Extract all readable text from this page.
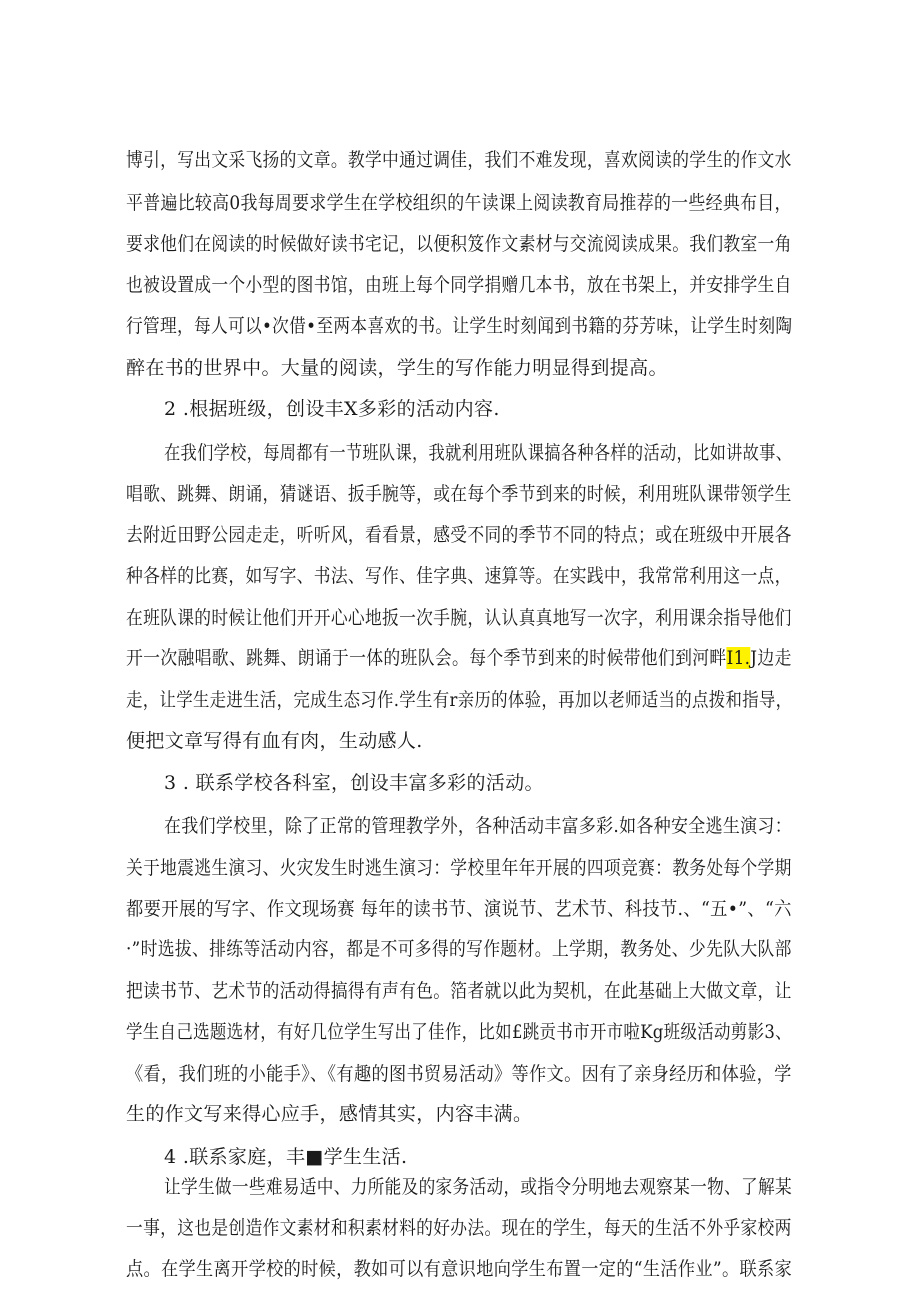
博引，写出文采飞扬的文章。教学中通过调佳，我们不难发现，喜欢阅读的学生的作文水
平普遍比较高0我每周要求学生在学校组织的午读课上阅读教育局推荐的一些经典布目，
要求他们在阅读的时候做好读书宅记，以便积笈作文素材与交流阅读成果。我们教室一角
也被设置成一个小型的图书馆，由班上每个同学捐赠几本书，放在书架上，并安排学生自
行管理，每人可以•次借•至两本喜欢的书。让学生时刻闻到书籍的芬芳味，让学生时刻陶
醉在书的世界中。大量的阅读，学生的写作能力明显得到提高。
2 .根据班级，创设丰X多彩的活动内容.
在我们学校，每周都有一节班队课，我就利用班队课搞各种各样的活动，比如讲故事、
唱歌、跳舞、朗诵，猜谜语、扳手腕等，或在每个季节到来的时候，利用班队课带领学生
去附近田野公园走走，听听风，看看景，感受不同的季节不同的特点；或在班级中开展各
种各样的比赛，如写字、书法、写作、佳字典、速算等。在实践中，我常常利用这一点，
在班队课的时候让他们开开心心地扳一次手腕，认认真真地写一次字，利用课余指导他们
开一次融唱歌、跳舞、朗诵于一体的班队会。每个季节到来的时候带他们到河畔I1.J边走
走，让学生走进生活，完成生态习作.学生有r亲历的体验，再加以老师适当的点拨和指导，
便把文章写得有血有肉，生动感人.
3 . 联系学校各科室，创设丰富多彩的活动。
在我们学校里，除了正常的管理教学外，各种活动丰富多彩.如各种安全逃生演习：
关于地震逃生演习、火灾发生时逃生演习：学校里年年开展的四项竞赛：教务处每个学期
都要开展的写字、作文现场赛 每年的读书节、演说节、艺术节、科技节.、“五•”、“六
·”时选拔、排练等活动内容，都是不可多得的写作题材。上学期，教务处、少先队大队部
把读书节、艺术节的活动得搞得有声有色。箔者就以此为契机，在此基础上大做文章，让
学生自己选题选材，有好几位学生写出了佳作，比如£跳贡书市开市啦Kg班级活动剪影3、
《看，我们班的小能手》、《有趣的图书贸易活动》等作文。因有了亲身经历和体验，学
生的作文写来得心应手，感情其实，内容丰满。
4 .联系家庭，丰■学生生活.
让学生做一些难易适中、力所能及的家务活动，或指令分明地去观察某一物、了解某
一事，这也是创造作文素材和积素材料的好办法。现在的学生，每天的生活不外乎家校两
点。在学生离开学校的时候，教如可以有意识地向学生布置一定的“生活作业”。联系家
